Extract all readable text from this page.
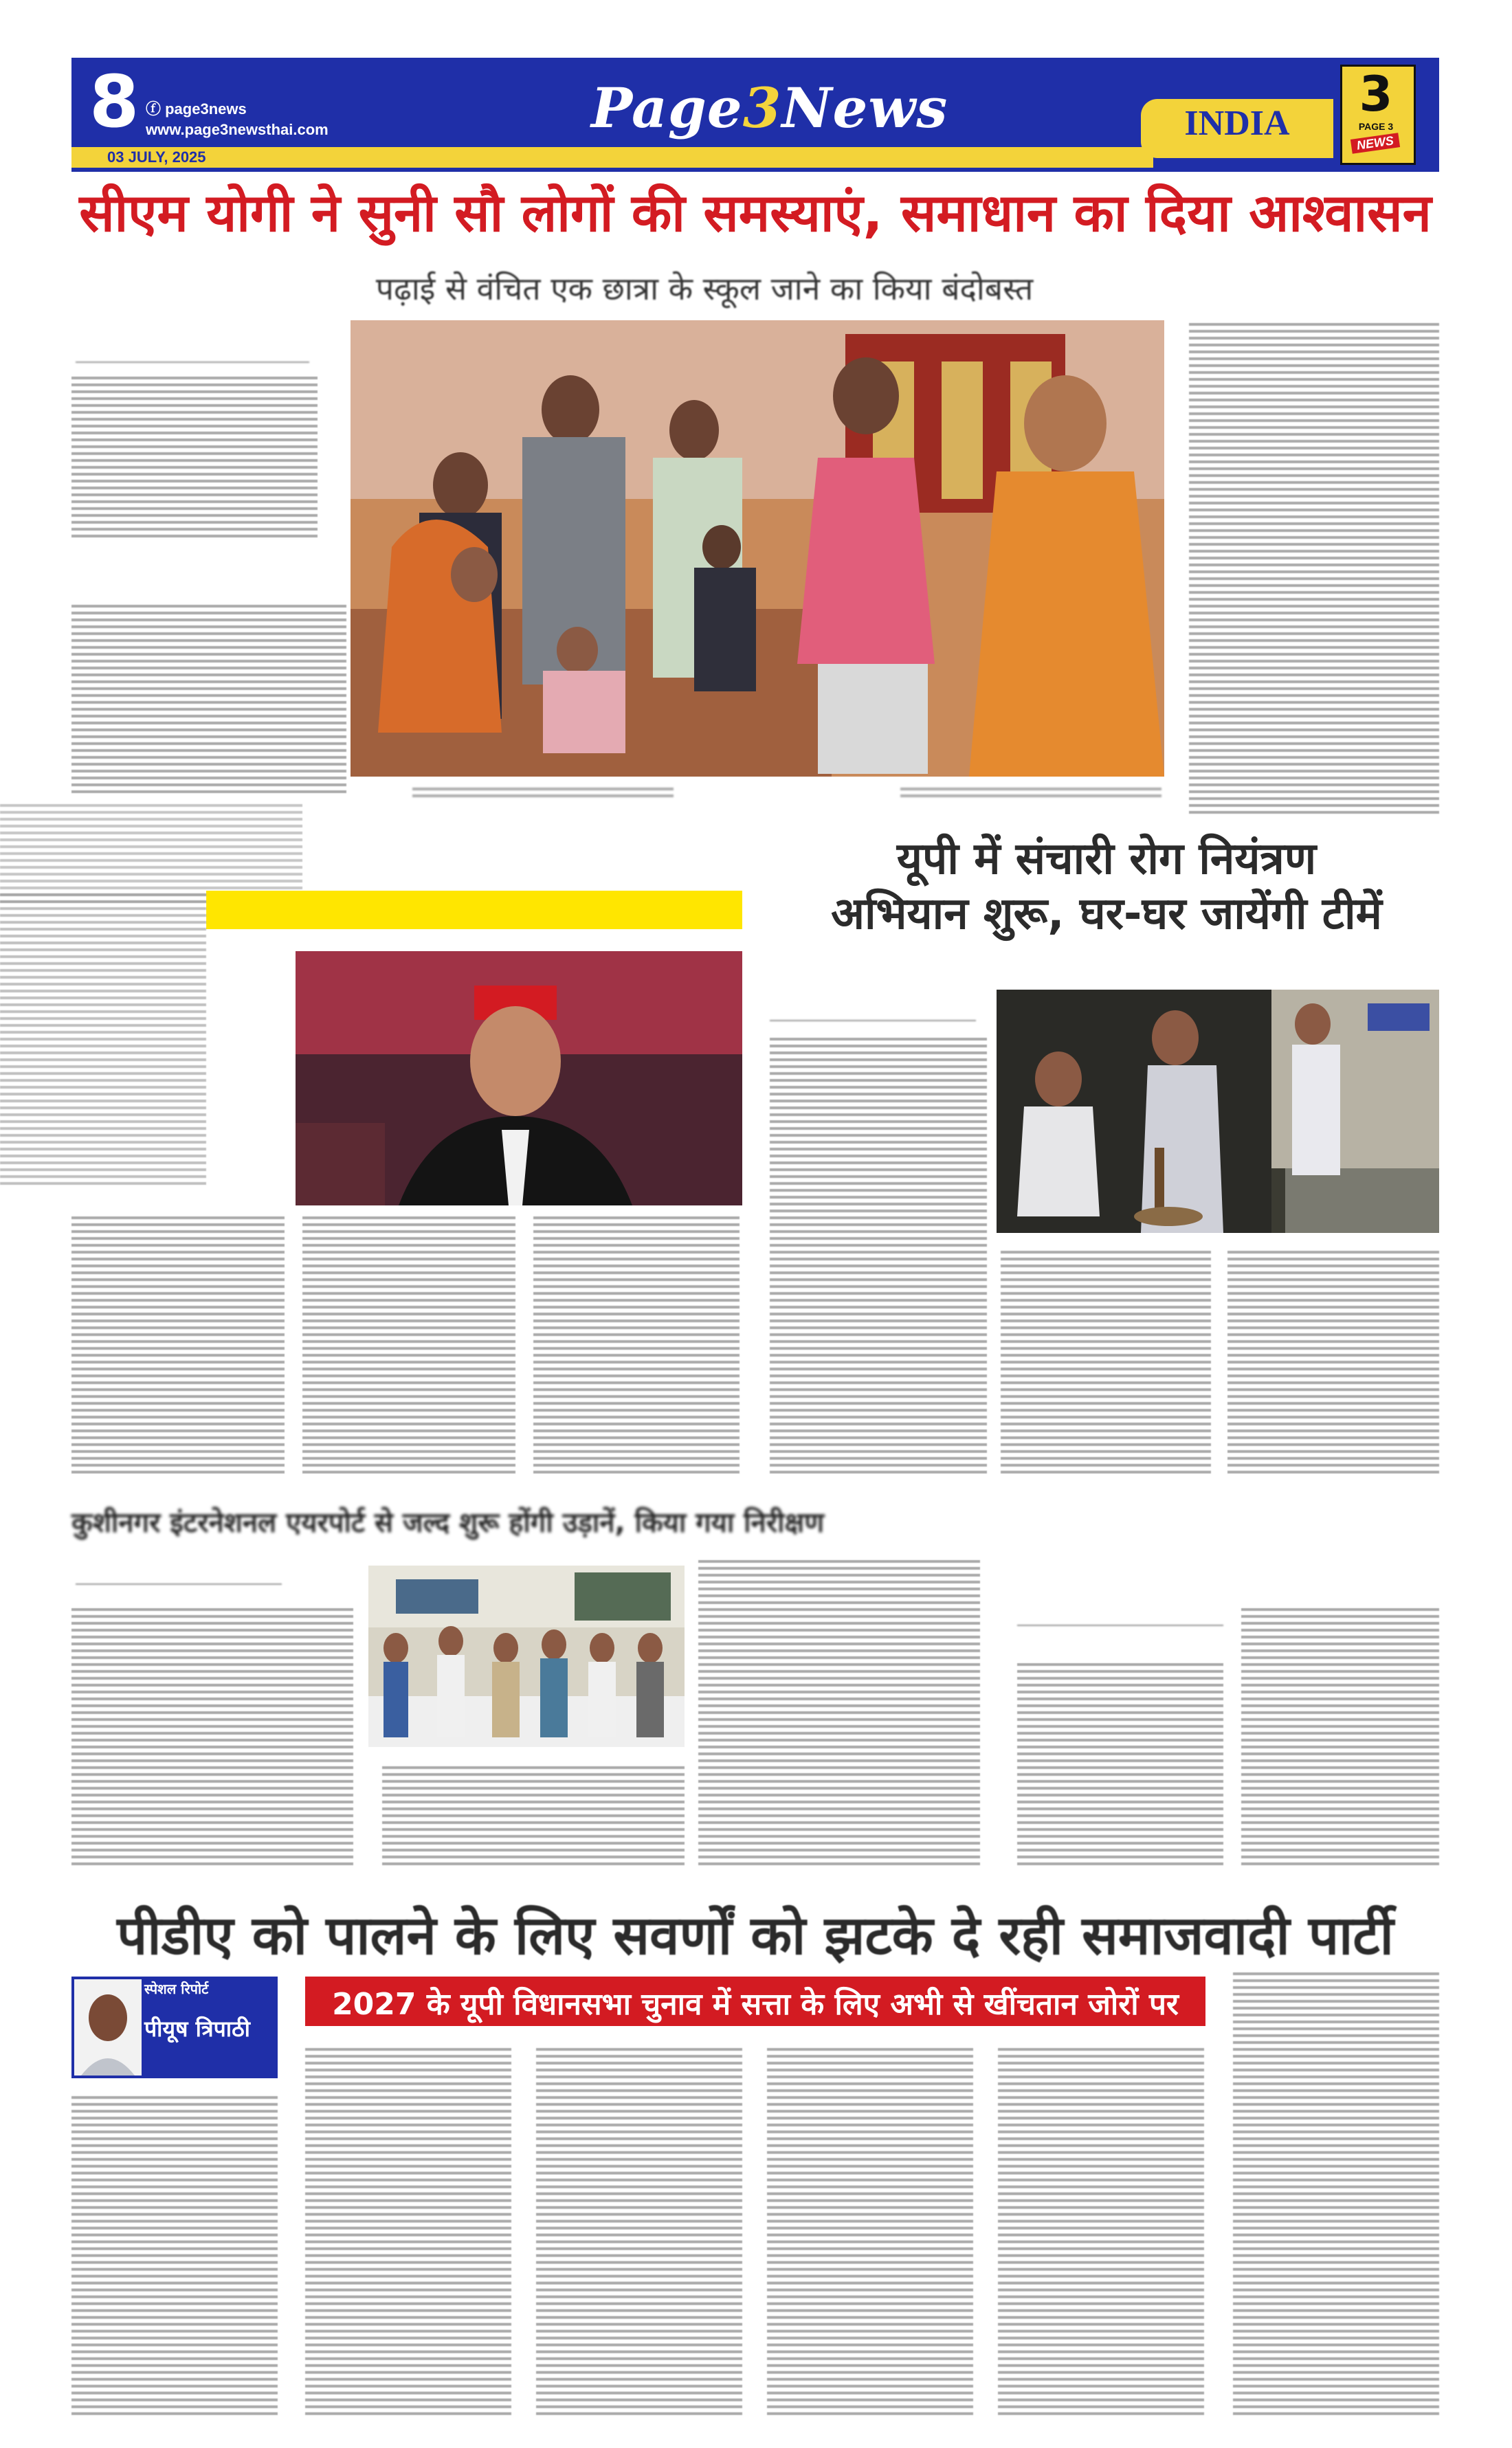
8 ⓕ page3news
www.page3newsthai.com
03 JULY, 2025
Page3News	INDIA
3
PAGE 3
NEWS
सीएम योगी ने सुनी सौ लोगों की समस्याएं, समाधान का दिया आश्वासन
पढ़ाई से वंचित एक छात्रा के स्कूल जाने का किया बंदोबस्त
यूपी में संचारी रोग नियंत्रण
अभियान शुरू, घर-घर जायेंगी टीमें
कुशीनगर इंटरनेशनल एयरपोर्ट से जल्द शुरू होंगी उड़ानें, किया गया निरीक्षण
पीडीए को पालने के लिए सवर्णों को झटके दे रही समाजवादी पार्टी
स्पेशल रिपोर्ट
पीयूष त्रिपाठी
2027 के यूपी विधानसभा चुनाव में सत्ता के लिए अभी से खींचतान जोरों पर
